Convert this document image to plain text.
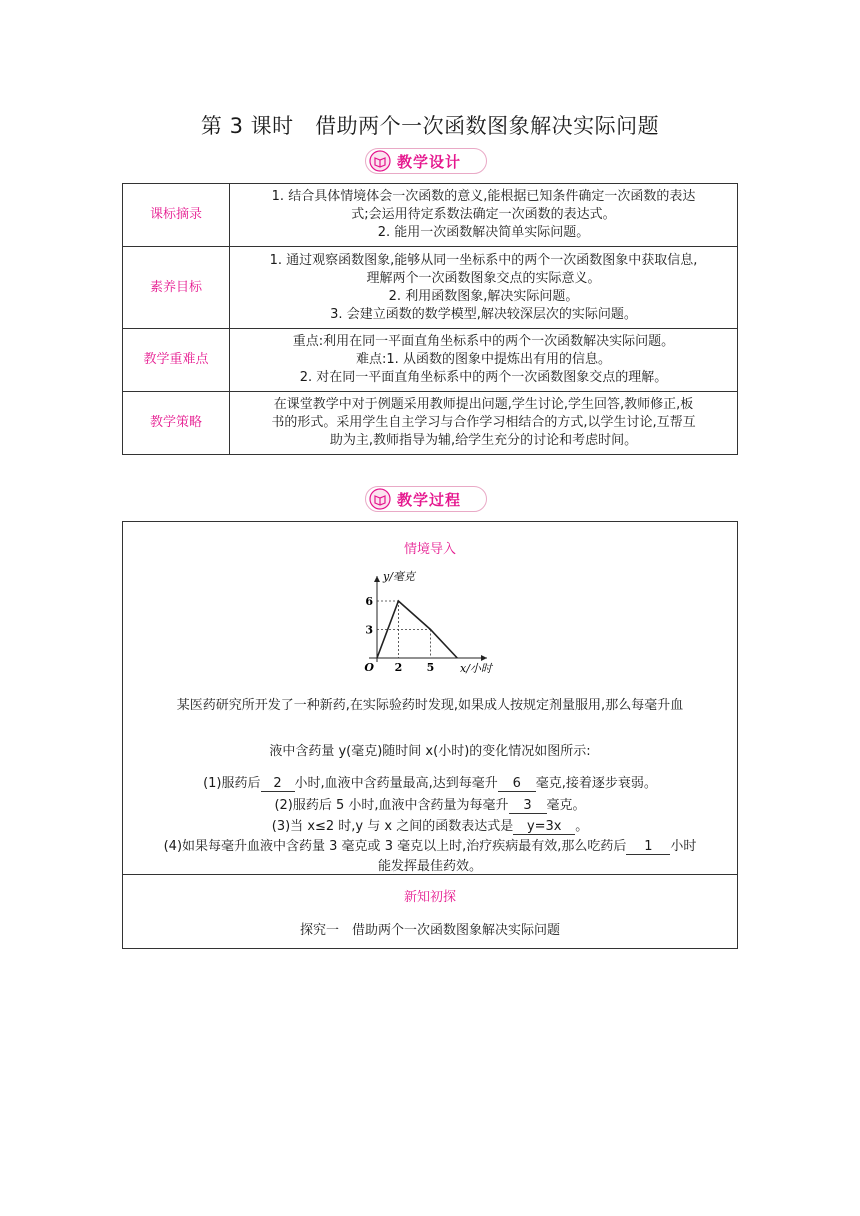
第 3 课时　借助两个一次函数图象解决实际问题
教学设计
课标摘录	1. 结合具体情境体会一次函数的意义,能根据已知条件确定一次函数的表达
式;会运用待定系数法确定一次函数的表达式。
2. 能用一次函数解决简单实际问题。

素养目标	1. 通过观察函数图象,能够从同一坐标系中的两个一次函数图象中获取信息,
理解两个一次函数图象交点的实际意义。
2. 利用函数图象,解决实际问题。
3. 会建立函数的数学模型,解决较深层次的实际问题。

教学重难点	重点:利用在同一平面直角坐标系中的两个一次函数解决实际问题。
难点:1. 从函数的图象中提炼出有用的信息。
2. 对在同一平面直角坐标系中的两个一次函数图象交点的理解。

教学策略	在课堂教学中对于例题采用教师提出问题,学生讨论,学生回答,教师修正,板
书的形式。采用学生自主学习与合作学习相结合的方式,以学生讨论,互帮互
助为主,教师指导为辅,给学生充分的讨论和考虑时间。
教学过程
情境导入
2 5
3
6
O	x/小时
y/毫克
某医药研究所开发了一种新药,在实际验药时发现,如果成人按规定剂量服用,那么每毫升血
液中含药量 y(毫克)随时间 x(小时)的变化情况如图所示:
(1)服药后 2 小时,血液中含药量最高,达到每毫升 6 毫克,接着逐步衰弱。
(2)服药后 5 小时,血液中含药量为每毫升 3 毫克。
(3)当 x≤2 时,y 与 x 之间的函数表达式是 y=3x 。
(4)如果每毫升血液中含药量 3 毫克或 3 毫克以上时,治疗疾病最有效,那么吃药后 1 小时
能发挥最佳药效。
新知初探
探究一　借助两个一次函数图象解决实际问题
